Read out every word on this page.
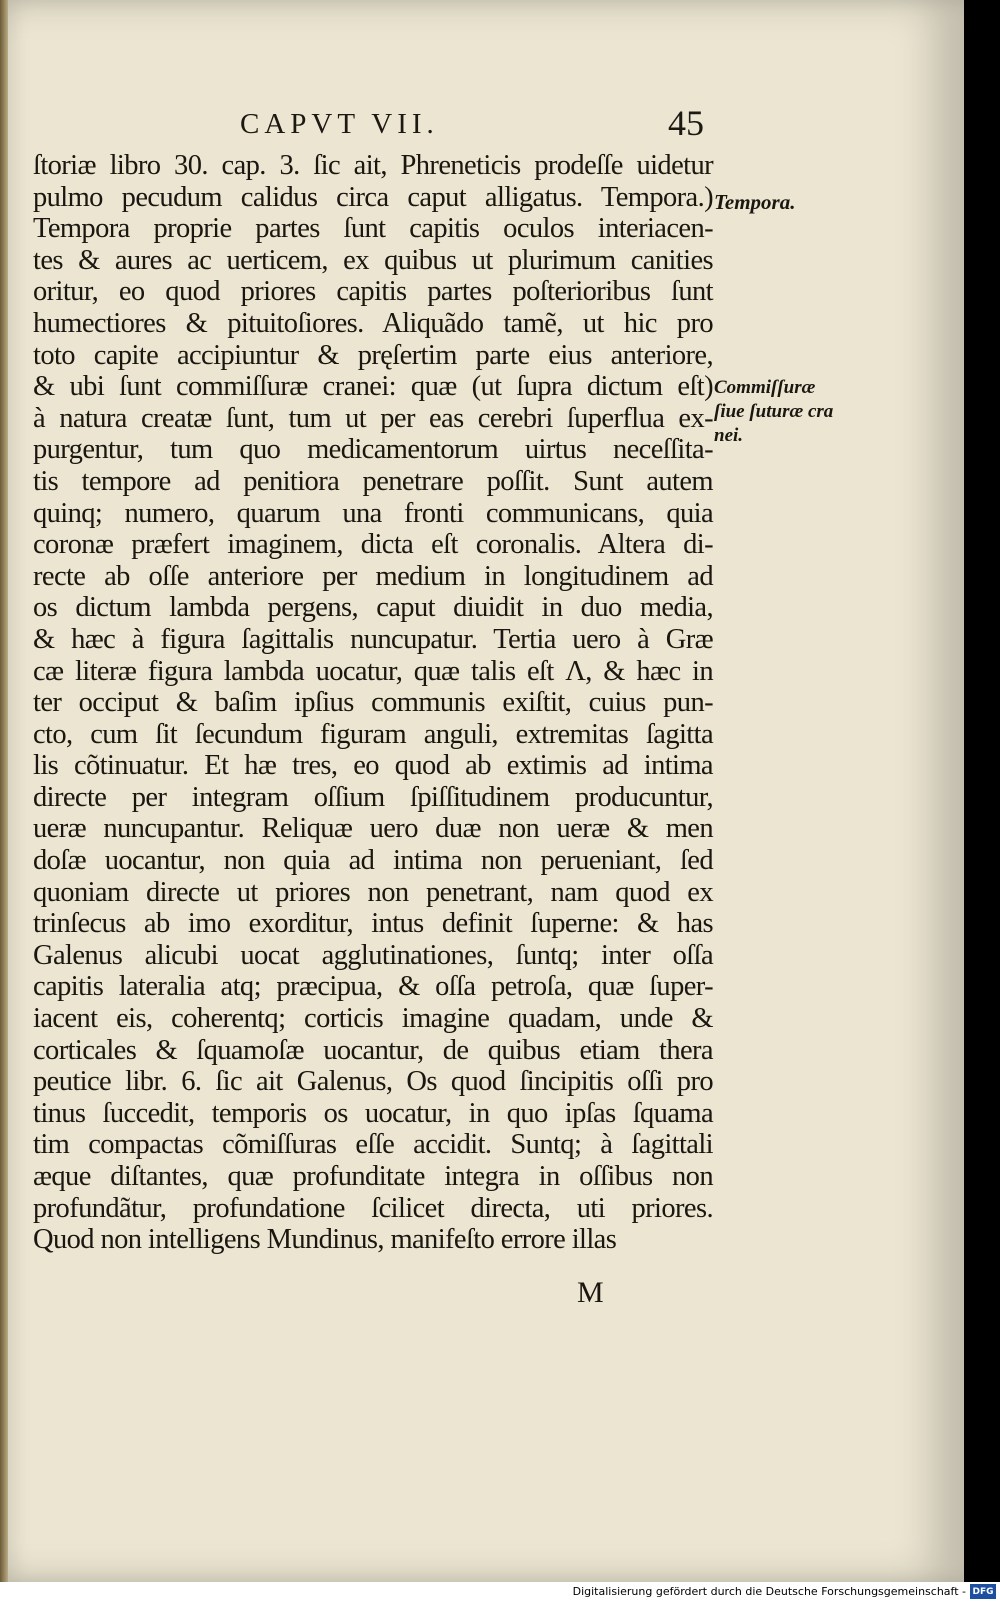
CAPVT VII.	45
ſtoriæ libro 30. cap. 3. ſic ait, Phreneticis prodeſſe uidetur
pulmo pecudum calidus circa caput alligatus. Tempora.)
Tempora proprie partes ſunt capitis oculos interiacen-
tes & aures ac uerticem, ex quibus ut plurimum canities
oritur, eo quod priores capitis partes poſterioribus ſunt
humectiores & pituitoſiores. Aliquãdo tamẽ, ut hic pro
toto capite accipiuntur & pręſertim parte eius anteriore,
& ubi ſunt commiſſuræ cranei: quæ (ut ſupra dictum eſt)
à natura creatæ ſunt, tum ut per eas cerebri ſuperflua ex-
purgentur, tum quo medicamentorum uirtus neceſſita-
tis tempore ad penitiora penetrare poſſit. Sunt autem
quinq; numero, quarum una fronti communicans, quia
coronæ præfert imaginem, dicta eſt coronalis. Altera di-
recte ab oſſe anteriore per medium in longitudinem ad
os dictum lambda pergens, caput diuidit in duo media,
& hæc à figura ſagittalis nuncupatur. Tertia uero à Græ
cæ literæ figura lambda uocatur, quæ talis eſt Λ, & hæc in
ter occiput & baſim ipſius communis exiſtit, cuius pun-
cto, cum ſit ſecundum figuram anguli, extremitas ſagitta
lis cõtinuatur. Et hæ tres, eo quod ab extimis ad intima
directe per integram oſſium ſpiſſitudinem producuntur,
ueræ nuncupantur. Reliquæ uero duæ non ueræ & men
doſæ uocantur, non quia ad intima non perueniant, ſed
quoniam directe ut priores non penetrant, nam quod ex
trinſecus ab imo exorditur, intus definit ſuperne: & has
Galenus alicubi uocat agglutinationes, ſuntq; inter oſſa
capitis lateralia atq; præcipua, & oſſa petroſa, quæ ſuper-
iacent eis, coherentq; corticis imagine quadam, unde &
corticales & ſquamoſæ uocantur, de quibus etiam thera
peutice libr. 6. ſic ait Galenus, Os quod ſincipitis oſſi pro
tinus ſuccedit, temporis os uocatur, in quo ipſas ſquama
tim compactas cõmiſſuras eſſe accidit. Suntq; à ſagittali
æque diſtantes, quæ profunditate integra in oſſibus non
profundãtur, profundatione ſcilicet directa, uti priores.
Quod non intelligens Mundinus, manifeſto errore illas
M
Tempora.
Commiſſuræ
ſiue ſuturæ cra
nei.
Digitalisierung gefördert durch die Deutsche Forschungsgemeinschaft - DFG
